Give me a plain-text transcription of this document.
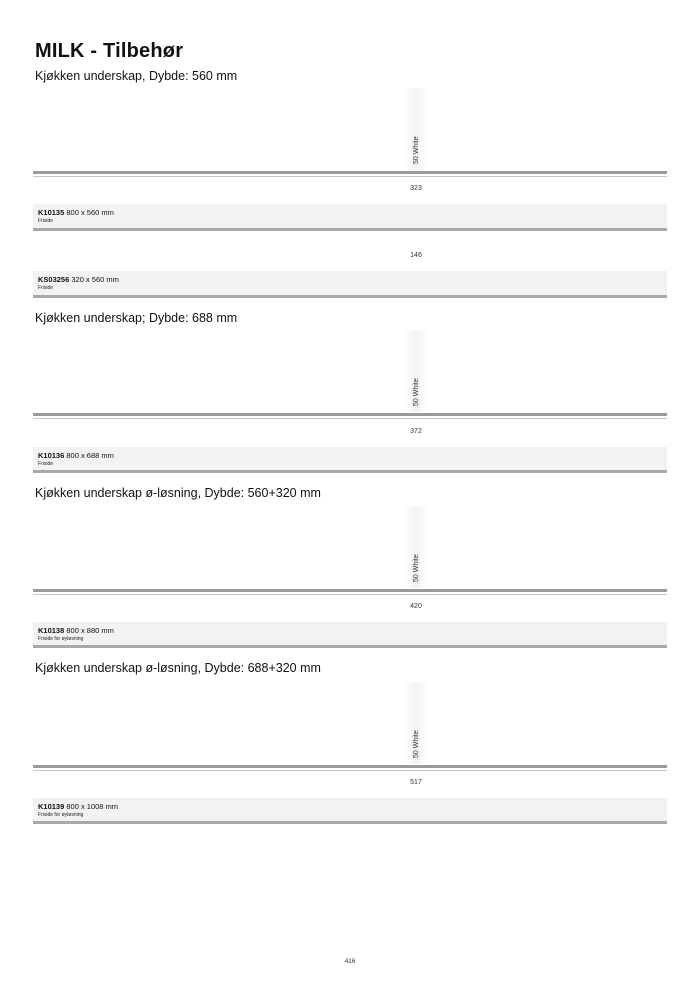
MILK - Tilbehør
Kjøkken underskap, Dybde: 560 mm
50 White
323
K10135 800 x 560 mm
Friside
146
KS03256 320 x 560 mm
Friside
Kjøkken underskap; Dybde: 688 mm
50 White
372
K10136 800 x 688 mm
Friside
Kjøkken underskap ø-løsning, Dybde: 560+320 mm
50 White
420
K10138 800 x 880 mm
Friside for øyløsning
Kjøkken underskap ø-løsning, Dybde: 688+320 mm
50 White
517
K10139 800 x 1008 mm
Friside for øyløsning
416
